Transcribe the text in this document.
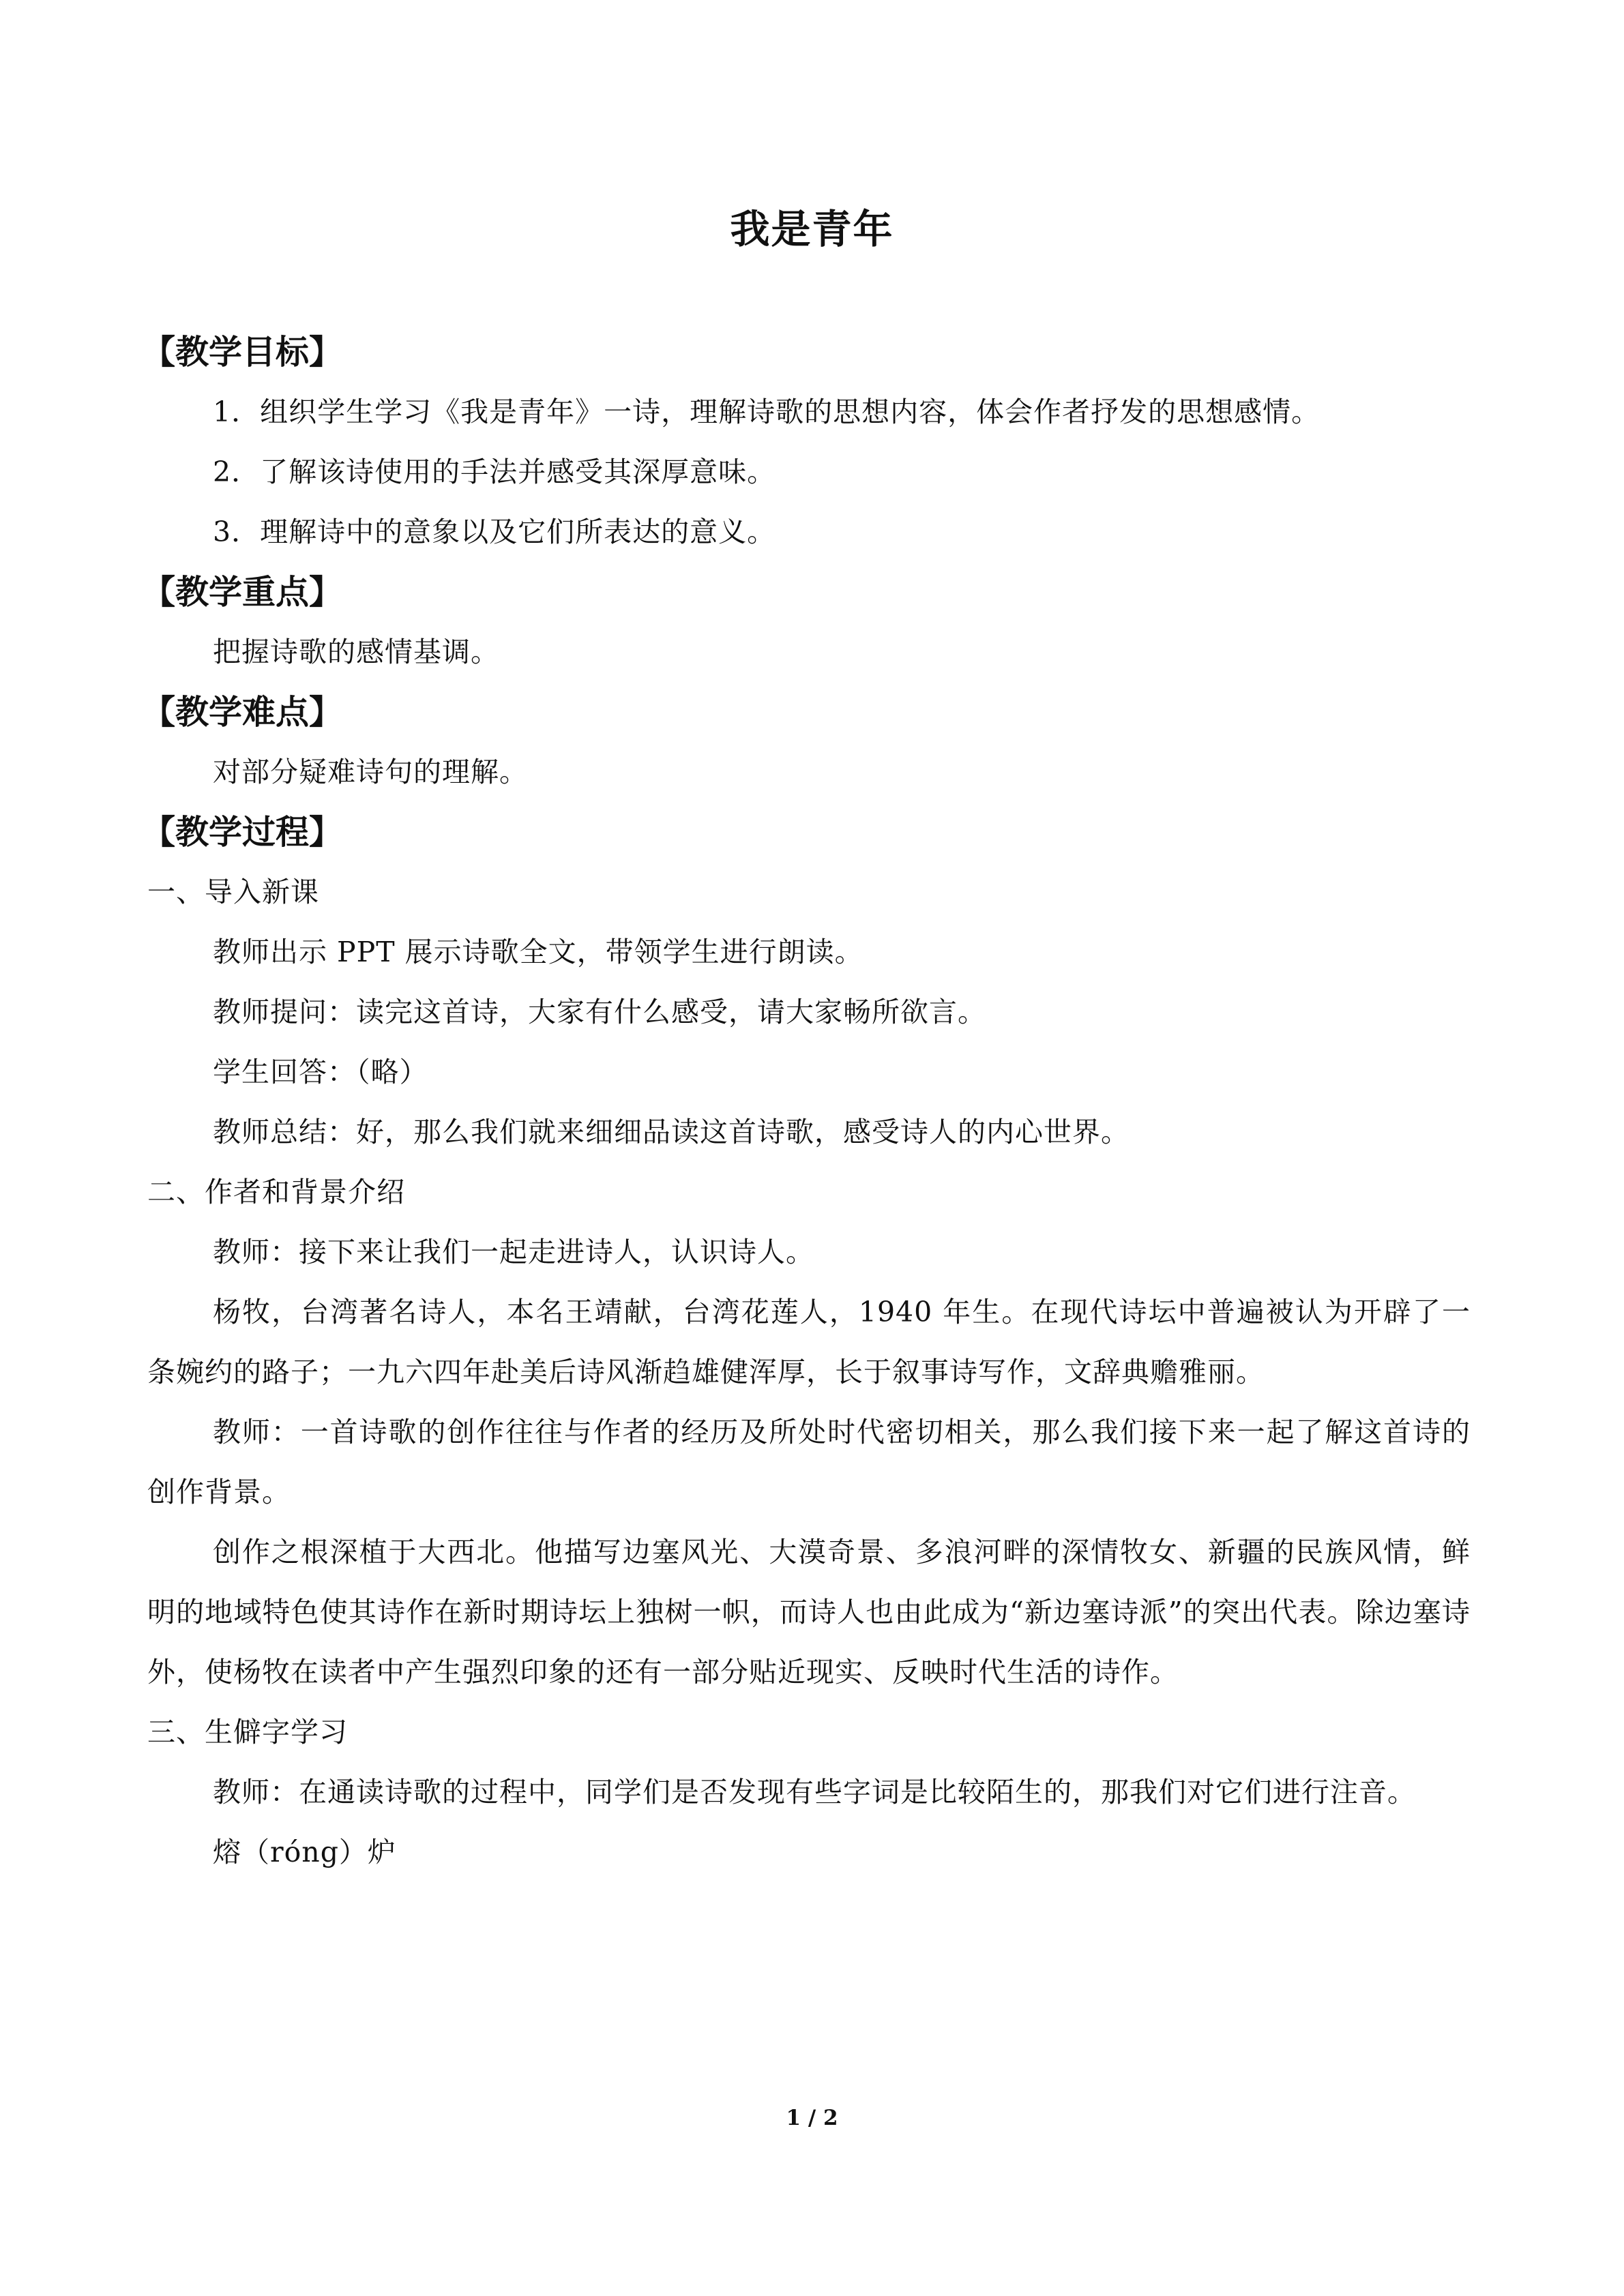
我是青年
【教学目标】

1．组织学生学习《我是青年》一诗，理解诗歌的思想内容，体会作者抒发的思想感情。

2．了解该诗使用的手法并感受其深厚意味。

3．理解诗中的意象以及它们所表达的意义。

【教学重点】

把握诗歌的感情基调。

【教学难点】

对部分疑难诗句的理解。

【教学过程】

一、导入新课

教师出示 PPT 展示诗歌全文，带领学生进行朗读。

教师提问：读完这首诗，大家有什么感受，请大家畅所欲言。

学生回答：（略）

教师总结：好，那么我们就来细细品读这首诗歌，感受诗人的内心世界。

二、作者和背景介绍

教师：接下来让我们一起走进诗人，认识诗人。

杨牧，台湾著名诗人，本名王靖献，台湾花莲人，1940 年生。在现代诗坛中普遍被认为开辟了一条婉约的路子；一九六四年赴美后诗风渐趋雄健浑厚，长于叙事诗写作，文辞典赡雅丽。

教师：一首诗歌的创作往往与作者的经历及所处时代密切相关，那么我们接下来一起了解这首诗的创作背景。

创作之根深植于大西北。他描写边塞风光、大漠奇景、多浪河畔的深情牧女、新疆的民族风情，鲜明的地域特色使其诗作在新时期诗坛上独树一帜，而诗人也由此成为“新边塞诗派”的突出代表。除边塞诗外，使杨牧在读者中产生强烈印象的还有一部分贴近现实、反映时代生活的诗作。

三、生僻字学习

教师：在通读诗歌的过程中，同学们是否发现有些字词是比较陌生的，那我们对它们进行注音。

熔（róng）炉

1 / 2
